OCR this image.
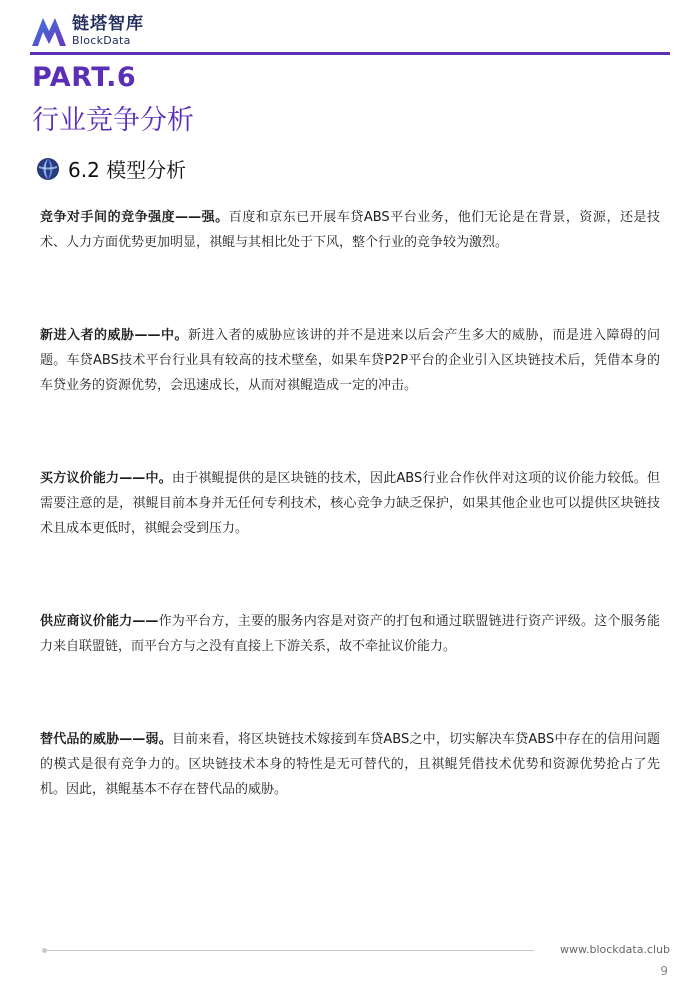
链塔智库
BlockData
PART.6
行业竞争分析
6.2 模型分析

竞争对手间的竞争强度——强。百度和京东已开展车贷ABS平台业务，他们无论是在背景，资源，还是技术、人力方面优势更加明显，祺鲲与其相比处于下风，整个行业的竞争较为激烈。

新进入者的威胁——中。新进入者的威胁应该讲的并不是进来以后会产生多大的威胁，而是进入障碍的问题。车贷ABS技术平台行业具有较高的技术壁垒，如果车贷P2P平台的企业引入区块链技术后，凭借本身的车贷业务的资源优势，会迅速成长，从而对祺鲲造成一定的冲击。

买方议价能力——中。由于祺鲲提供的是区块链的技术，因此ABS行业合作伙伴对这项的议价能力较低。但需要注意的是，祺鲲目前本身并无任何专利技术，核心竞争力缺乏保护，如果其他企业也可以提供区块链技术且成本更低时，祺鲲会受到压力。

供应商议价能力——作为平台方，主要的服务内容是对资产的打包和通过联盟链进行资产评级。这个服务能力来自联盟链，而平台方与之没有直接上下游关系，故不牵扯议价能力。

替代品的威胁——弱。目前来看，将区块链技术嫁接到车贷ABS之中，切实解决车贷ABS中存在的信用问题的模式是很有竞争力的。区块链技术本身的特性是无可替代的，且祺鲲凭借技术优势和资源优势抢占了先机。因此，祺鲲基本不存在替代品的威胁。

www.blockdata.club
9
